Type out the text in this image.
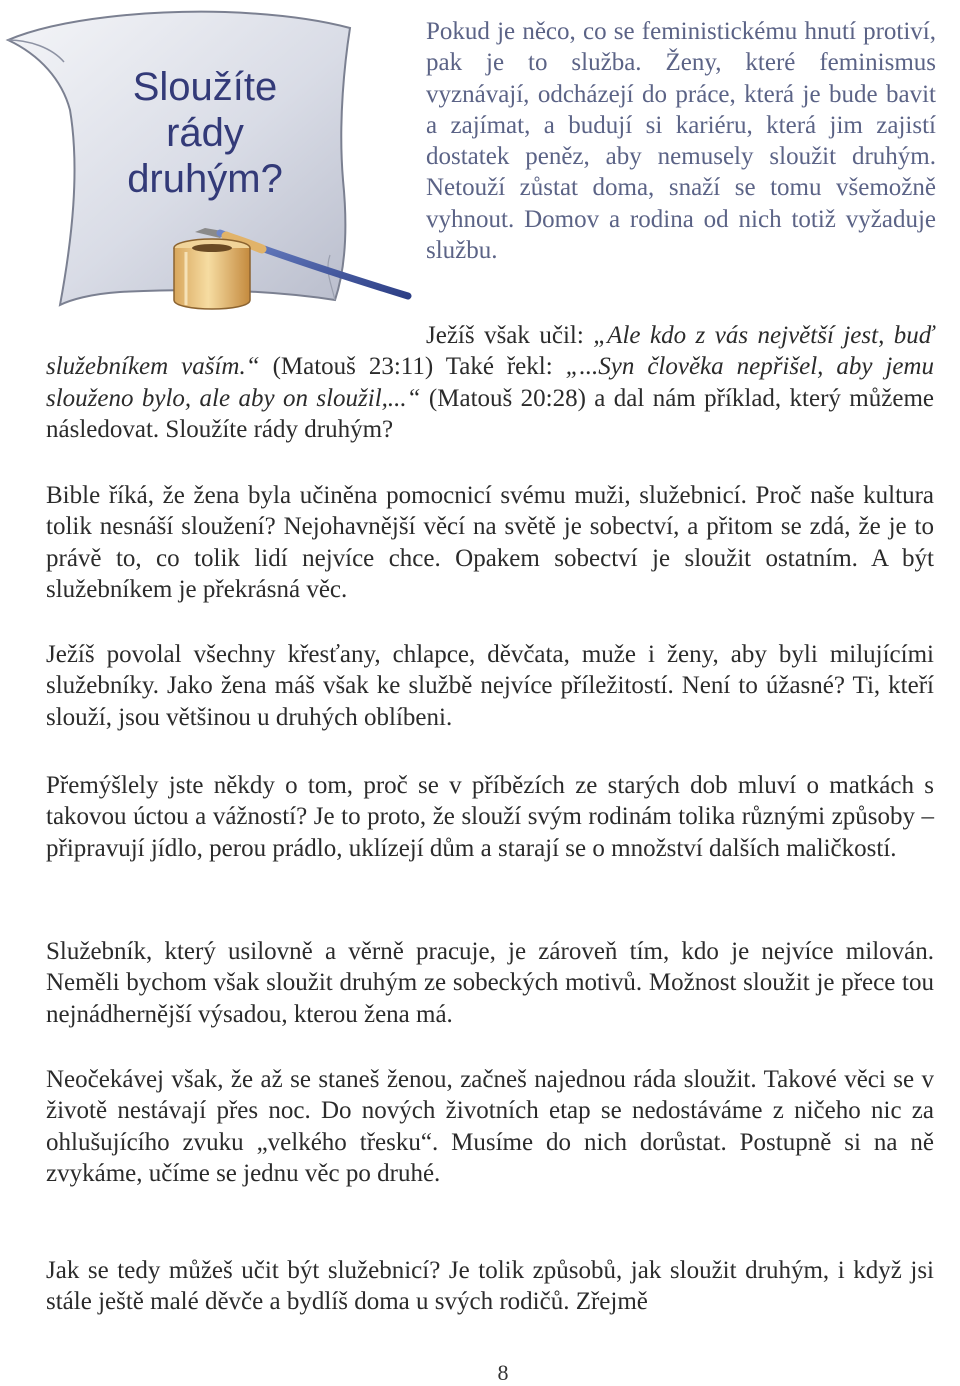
Sloužíte
rády
druhým?

Pokud je něco, co se feministickému hnutí protiví, pak je to služba. Ženy, které feminismus vyznávají, odcházejí do práce, která je bude bavit a zajímat, a budují si kariéru, která jim zajistí dostatek peněz, aby nemusely sloužit druhým. Netouží zůstat doma, snaží se tomu všemožně vyhnout. Domov a rodina od nich totiž vyžaduje službu.

Ježíš však učil: „Ale kdo z vás největší jest, buď služebníkem vaším.“ (Matouš 23:11) Také řekl: „...Syn člověka nepřišel, aby jemu slouženo bylo, ale aby on sloužil,...“ (Matouš 20:28) a dal nám příklad, který můžeme následovat. Sloužíte rády druhým?

Bible říká, že žena byla učiněna pomocnicí svému muži, služebnicí. Proč naše kultura tolik nesnáší sloužení? Nejohavnější věcí na světě je sobectví, a přitom se zdá, že je to právě to, co tolik lidí nejvíce chce. Opakem sobectví je sloužit ostatním. A být služebníkem je překrásná věc.

Ježíš povolal všechny křesťany, chlapce, děvčata, muže i ženy, aby byli milujícími služebníky. Jako žena máš však ke službě nejvíce příležitostí. Není to úžasné? Ti, kteří slouží, jsou většinou u druhých oblíbeni.

Přemýšlely jste někdy o tom, proč se v příbězích ze starých dob mluví o matkách s takovou úctou a vážností? Je to proto, že slouží svým rodinám tolika různými způsoby – připravují jídlo, perou prádlo, uklízejí dům a starají se o množství dalších maličkostí.

Služebník, který usilovně a věrně pracuje, je zároveň tím, kdo je nejvíce milován. Neměli bychom však sloužit druhým ze sobeckých motivů. Možnost sloužit je přece tou nejnádhernější výsadou, kterou žena má.

Neočekávej však, že až se staneš ženou, začneš najednou ráda sloužit. Takové věci se v životě nestávají přes noc. Do nových životních etap se nedostáváme z ničeho nic za ohlušujícího zvuku „velkého třesku“. Musíme do nich dorůstat. Postupně si na ně zvykáme, učíme se jednu věc po druhé.

Jak se tedy můžeš učit být služebnicí? Je tolik způsobů, jak sloužit druhým, i když jsi stále ještě malé děvče a bydlíš doma u svých rodičů. Zřejmě

8
